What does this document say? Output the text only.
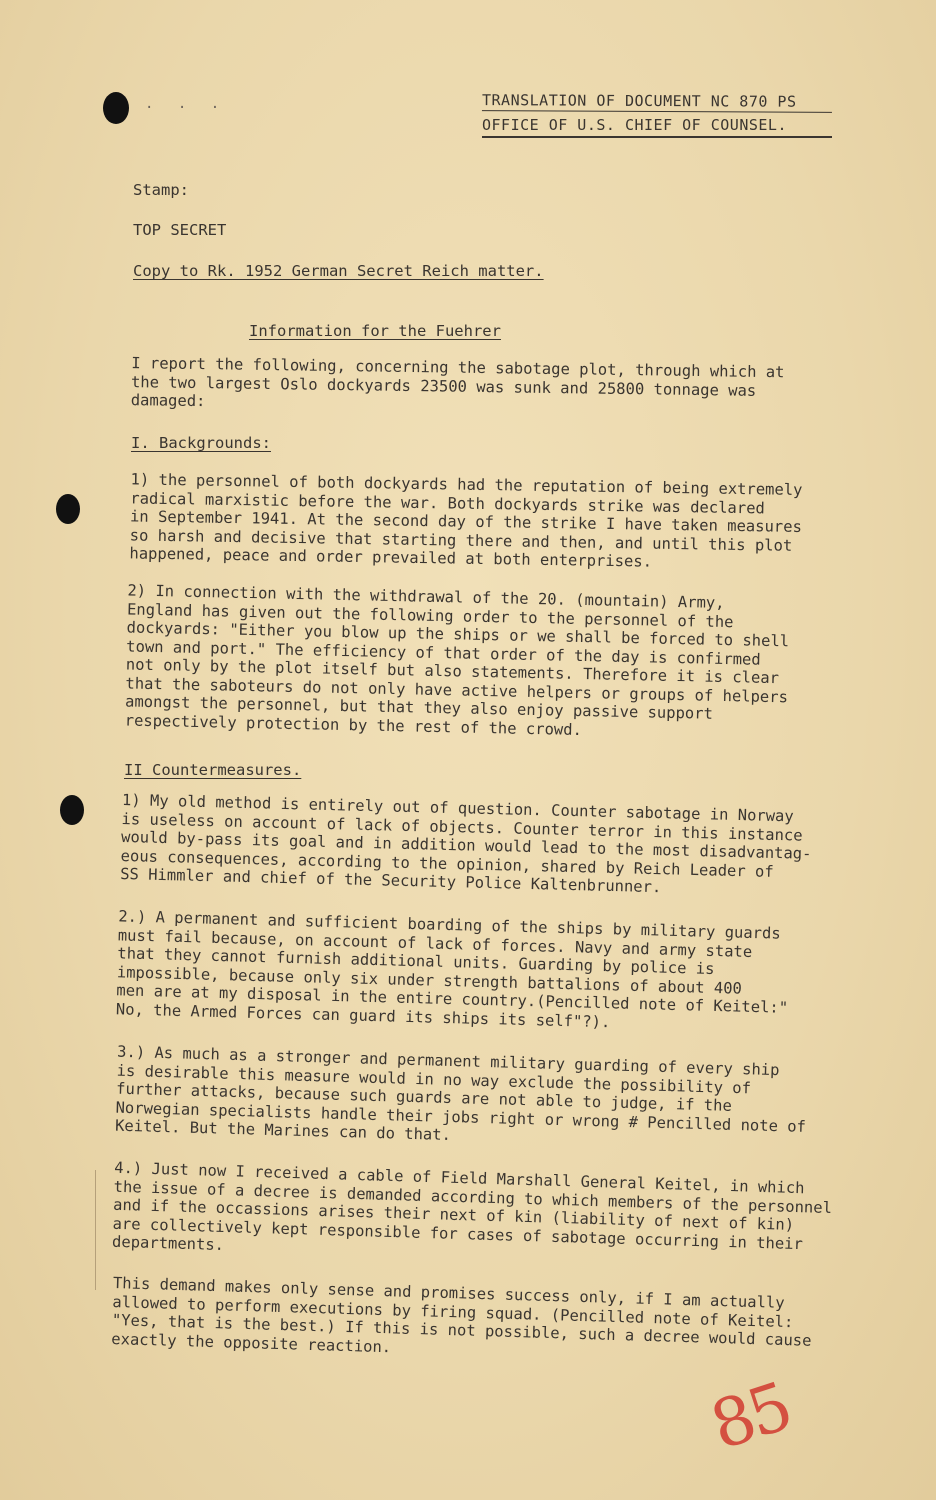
· · ·	TRANSLATION OF DOCUMENT NC 870 PS
OFFICE OF U.S. CHIEF OF COUNSEL.
Stamp:
TOP SECRET
Copy to Rk. 1952 German Secret Reich matter.
Information for the Fuehrer
I report the following, concerning the sabotage plot, through which at
the two largest Oslo dockyards 23500 was sunk and 25800 tonnage was
damaged:
I. Backgrounds:
1) the personnel of both dockyards had the reputation of being extremely
radical marxistic before the war. Both dockyards strike was declared
in September 1941. At the second day of the strike I have taken measures
so harsh and decisive that starting there and then, and until this plot
happened, peace and order prevailed at both enterprises.
2) In connection with the withdrawal of the 20. (mountain) Army,
England has given out the following order to the personnel of the
dockyards: "Either you blow up the ships or we shall be forced to shell
town and port." The efficiency of that order of the day is confirmed
not only by the plot itself but also statements. Therefore it is clear
that the saboteurs do not only have active helpers or groups of helpers
amongst the personnel, but that they also enjoy passive support
respectively protection by the rest of the crowd.
II Countermeasures.
1) My old method is entirely out of question. Counter sabotage in Norway
is useless on account of lack of objects. Counter terror in this instance
would by-pass its goal and in addition would lead to the most disadvantag-
eous consequences, according to the opinion, shared by Reich Leader of
SS Himmler and chief of the Security Police Kaltenbrunner.
2.) A permanent and sufficient boarding of the ships by military guards
must fail because, on account of lack of forces. Navy and army state
that they cannot furnish additional units. Guarding by police is
impossible, because only six under strength battalions of about 400
men are at my disposal in the entire country.(Pencilled note of Keitel:"
No, the Armed Forces can guard its ships its self"?).
3.) As much as a stronger and permanent military guarding of every ship
is desirable this measure would in no way exclude the possibility of
further attacks, because such guards are not able to judge, if the
Norwegian specialists handle their jobs right or wrong # Pencilled note of
Keitel. But the Marines can do that.
4.) Just now I received a cable of Field Marshall General Keitel, in which
the issue of a decree is demanded according to which members of the personnel
and if the occassions arises their next of kin (liability of next of kin)
are collectively kept responsible for cases of sabotage occurring in their
departments.
This demand makes only sense and promises success only, if I am actually
allowed to perform executions by firing squad. (Pencilled note of Keitel:
"Yes, that is the best.) If this is not possible, such a decree would cause
exactly the opposite reaction.
85
